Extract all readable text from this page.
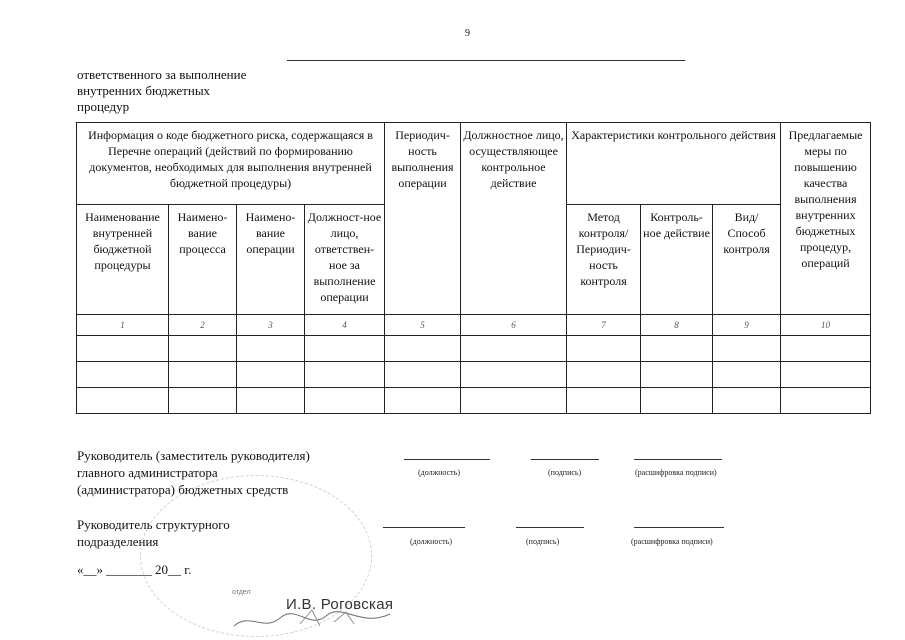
9
ответственного за выполнение
внутренних бюджетных
процедур
Информация о коде бюджетного риска, содержащаяся в Перечне операций (действий по формированию документов, необходимых для выполнения внутренней бюджетной процедуры)				Периодич-ность выполнения операции	Должностное лицо, осуществляющее контрольное действие	Характеристики контрольного действия			Предлагаемые меры по повышению качества выполнения внутренних бюджетных процедур, операций
Наименование внутренней бюджетной процедуры	Наимено-вание процесса	Наимено-вание операции	Должност-ное лицо, ответствен-ное за выполнение операции			Метод контроля/ Периодич-ность контроля	Контроль-ное действие	Вид/ Способ контроля	
1	2	3	4	5	6	7	8	9	10

Руководитель (заместитель руководителя)
главного администратора
(администратора) бюджетных средств
(должность)	(подпись)	(расшифровка подписи)
Руководитель структурного
подразделения	(должность)	(подпись)	(расшифровка подписи)
«__» _______ 20__ г.
отдел
И.В. Роговская
